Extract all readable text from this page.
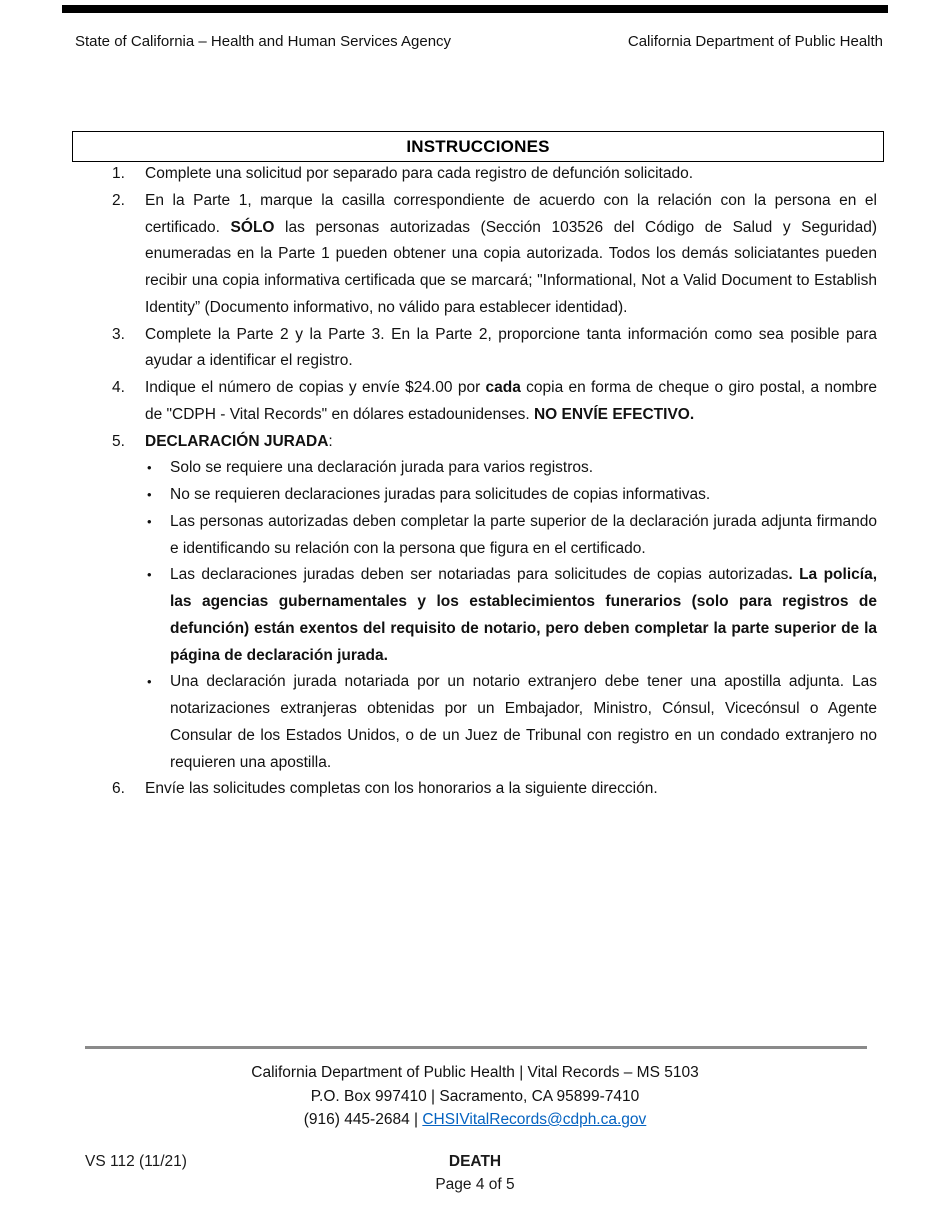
State of California – Health and Human Services Agency	California Department of Public Health
INSTRUCCIONES
1. Complete una solicitud por separado para cada registro de defunción solicitado.
2. En la Parte 1, marque la casilla correspondiente de acuerdo con la relación con la persona en el certificado. SÓLO las personas autorizadas (Sección 103526 del Código de Salud y Seguridad) enumeradas en la Parte 1 pueden obtener una copia autorizada. Todos los demás soliciatantes pueden recibir una copia informativa certificada que se marcará; "Informational, Not a Valid Document to Establish Identity” (Documento informativo, no válido para establecer identidad).
3. Complete la Parte 2 y la Parte 3. En la Parte 2, proporcione tanta información como sea posible para ayudar a identificar el registro.
4. Indique el número de copias y envíe $24.00 por cada copia en forma de cheque o giro postal, a nombre de "CDPH - Vital Records" en dólares estadounidenses. NO ENVÍE EFECTIVO.
5. DECLARACIÓN JURADA:
• Solo se requiere una declaración jurada para varios registros.
• No se requieren declaraciones juradas para solicitudes de copias informativas.
• Las personas autorizadas deben completar la parte superior de la declaración jurada adjunta firmando e identificando su relación con la persona que figura en el certificado.
• Las declaraciones juradas deben ser notariadas para solicitudes de copias autorizadas. La policía, las agencias gubernamentales y los establecimientos funerarios (solo para registros de defunción) están exentos del requisito de notario, pero deben completar la parte superior de la página de declaración jurada.
• Una declaración jurada notariada por un notario extranjero debe tener una apostilla adjunta. Las notarizaciones extranjeras obtenidas por un Embajador, Ministro, Cónsul, Vicecónsul o Agente Consular de los Estados Unidos, o de un Juez de Tribunal con registro en un condado extranjero no requieren una apostilla.
6. Envíe las solicitudes completas con los honorarios a la siguiente dirección.
California Department of Public Health | Vital Records – MS 5103
P.O. Box 997410 | Sacramento, CA 95899-7410
(916) 445-2684 | CHSIVitalRecords@cdph.ca.gov
VS 112 (11/21)	DEATH
Page 4 of 5
